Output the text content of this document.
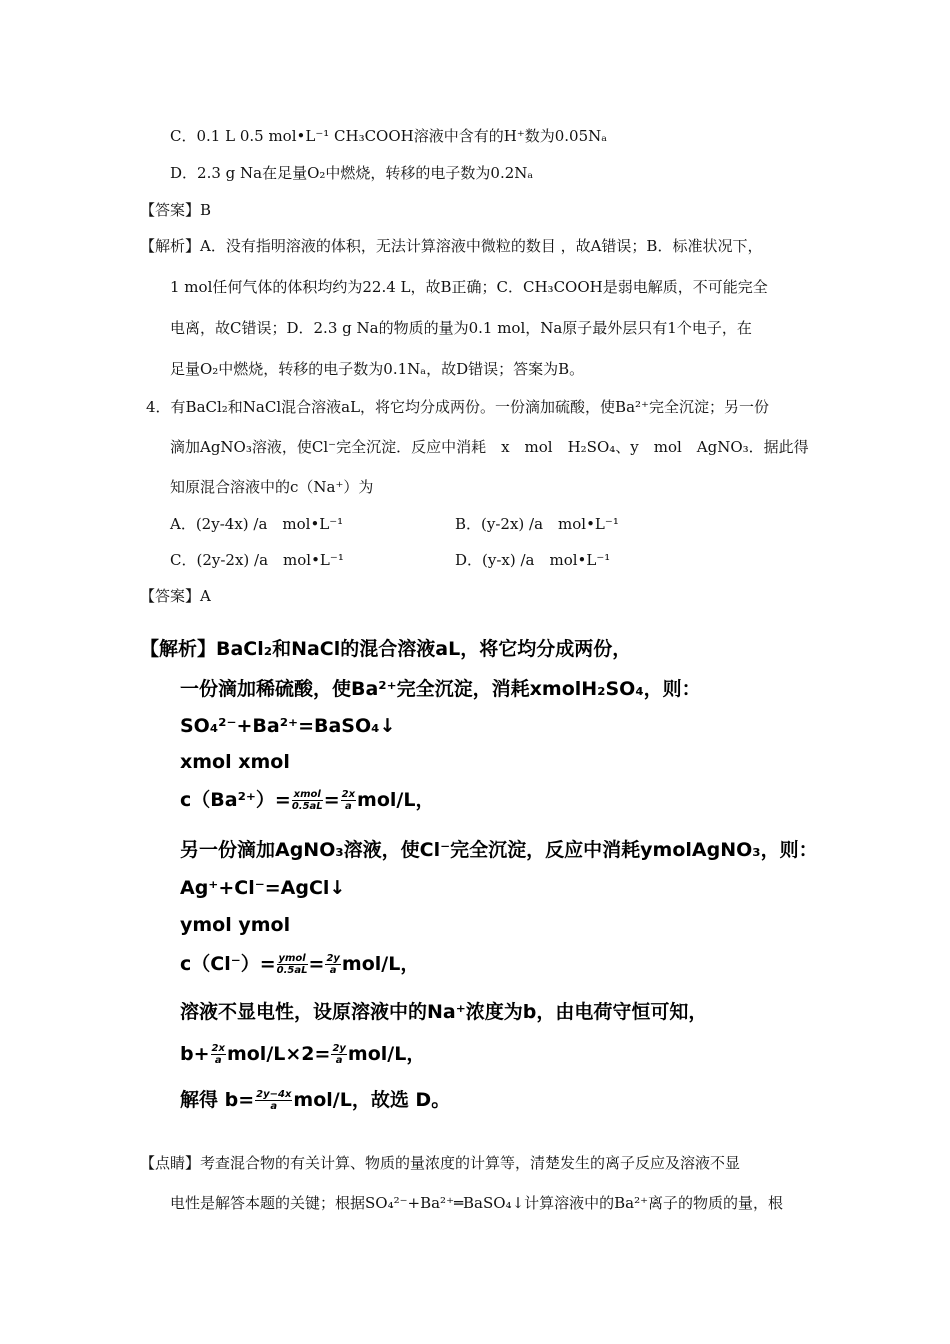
C．0.1 L 0.5 mol•L⁻¹ CH₃COOH溶液中含有的H⁺数为0.05Nₐ
D．2.3 g Na在足量O₂中燃烧，转移的电子数为0.2Nₐ
【答案】B
【解析】A．没有指明溶液的体积，无法计算溶液中微粒的数目 ，故A错误；B．标准状况下，
1 mol任何气体的体积均约为22.4 L，故B正确；C．CH₃COOH是弱电解质，不可能完全
电离，故C错误；D．2.3 g Na的物质的量为0.1 mol，Na原子最外层只有1个电子，在
足量O₂中燃烧，转移的电子数为0.1Nₐ，故D错误；答案为B。
4．有BaCl₂和NaCl混合溶液aL，将它均分成两份。一份滴加硫酸，使Ba²⁺完全沉淀；另一份
滴加AgNO₃溶液，使Cl⁻完全沉淀．反应中消耗　x　mol　H₂SO₄、y　mol　AgNO₃．据此得
知原混合溶液中的c（Na⁺）为
A．(2y-4x) /a　mol•L⁻¹	B．(y-2x) /a　mol•L⁻¹
C．(2y-2x) /a　mol•L⁻¹	D．(y-x) /a　mol•L⁻¹
【答案】A
【解析】BaCl₂和NaCl的混合溶液aL，将它均分成两份，
一份滴加稀硫酸，使Ba²⁺完全沉淀，消耗xmolH₂SO₄，则：
SO₄²⁻+Ba²⁺=BaSO₄↓
xmol xmol
$c(Ba^{2+})= \frac{\text{xmol}}{0.5aL} = \frac{2x}{a} mol/L$，
另一份滴加AgNO₃溶液，使Cl⁻完全沉淀，反应中消耗ymolAgNO₃，则：
Ag⁺+Cl⁻=AgCl↓
ymol ymol
$c(Cl^-)= \frac{\text{ymol}}{0.5aL} = \frac{2y}{a} mol/L$，
溶液不显电性，设原溶液中的Na⁺浓度为b，由电荷守恒可知，
$b+ \frac{2x}{a} mol/L\times 2= \frac{2y}{a} mol/L$，
解得 $b= \frac{2y-4x}{a} mol/L$，故选 D。
【点睛】考查混合物的有关计算、物质的量浓度的计算等，清楚发生的离子反应及溶液不显
电性是解答本题的关键；根据SO₄²⁻+Ba²⁺═BaSO₄↓计算溶液中的Ba²⁺离子的物质的量，根
